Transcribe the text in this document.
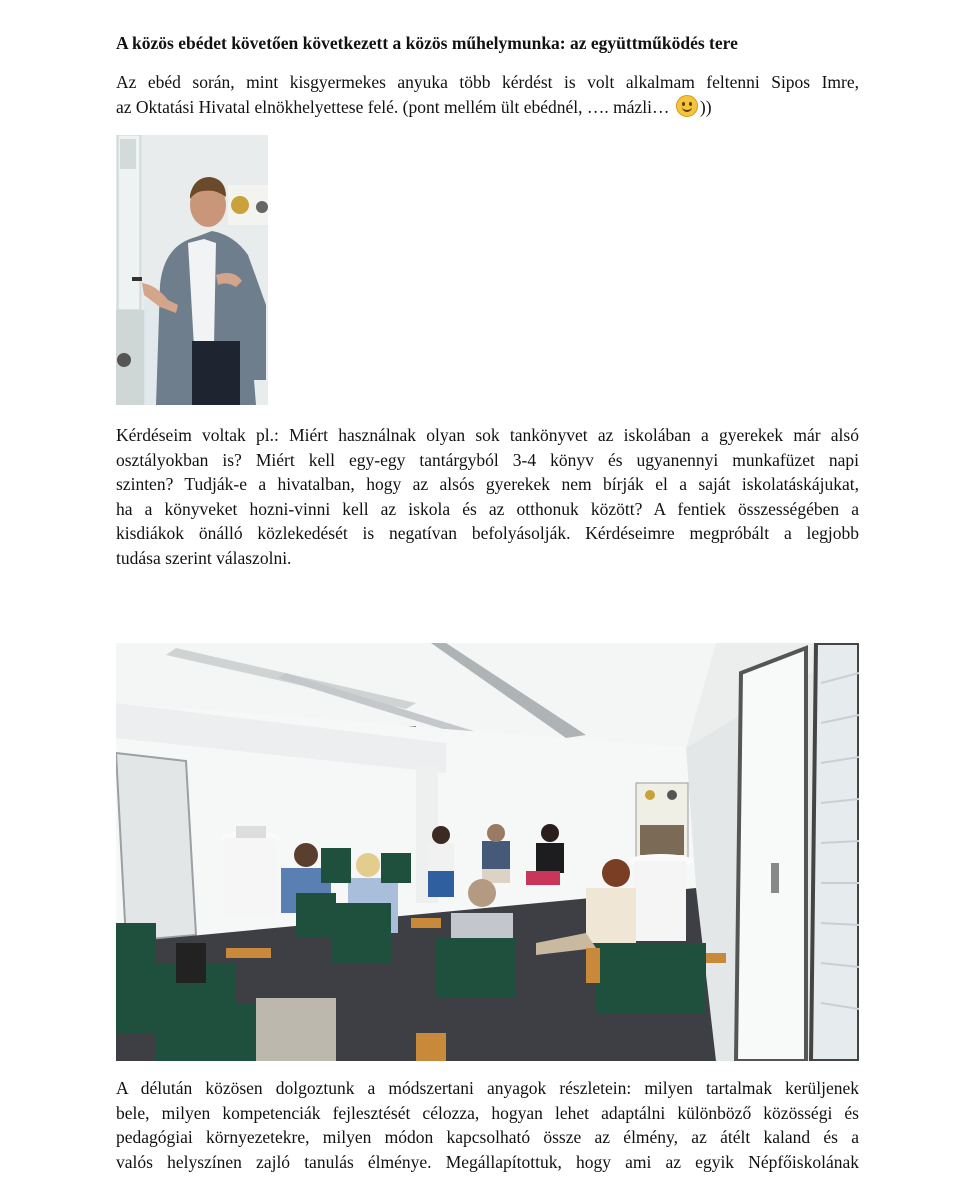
A közös ebédet követően következett a közös műhelymunka: az együttműködés tere

Az ebéd során, mint kisgyermekes anyuka több kérdést is volt alkalmam feltenni Sipos Imre,
az Oktatási Hivatal elnökhelyettese felé. (pont mellém ült ebédnél, …. mázli… ))

Kérdéseim voltak pl.: Miért használnak olyan sok tankönyvet az iskolában a gyerekek már alsó
osztályokban is? Miért kell egy-egy tantárgyból 3-4 könyv és ugyanennyi munkafüzet napi
szinten? Tudják-e a hivatalban, hogy az alsós gyerekek nem bírják el a saját iskolatáskájukat,
ha a könyveket hozni-vinni kell az iskola és az otthonuk között? A fentiek összességében a
kisdiákok önálló közlekedését is negatívan befolyásolják. Kérdéseimre megpróbált a legjobb
tudása szerint válaszolni.

A délután közösen dolgoztunk a módszertani anyagok részletein: milyen tartalmak kerüljenek
bele, milyen kompetenciák fejlesztését célozza, hogyan lehet adaptálni különböző közösségi és
pedagógiai környezetekre, milyen módon kapcsolható össze az élmény, az átélt kaland és a
valós helyszínen zajló tanulás élménye. Megállapítottuk, hogy ami az egyik Népfőiskolának
